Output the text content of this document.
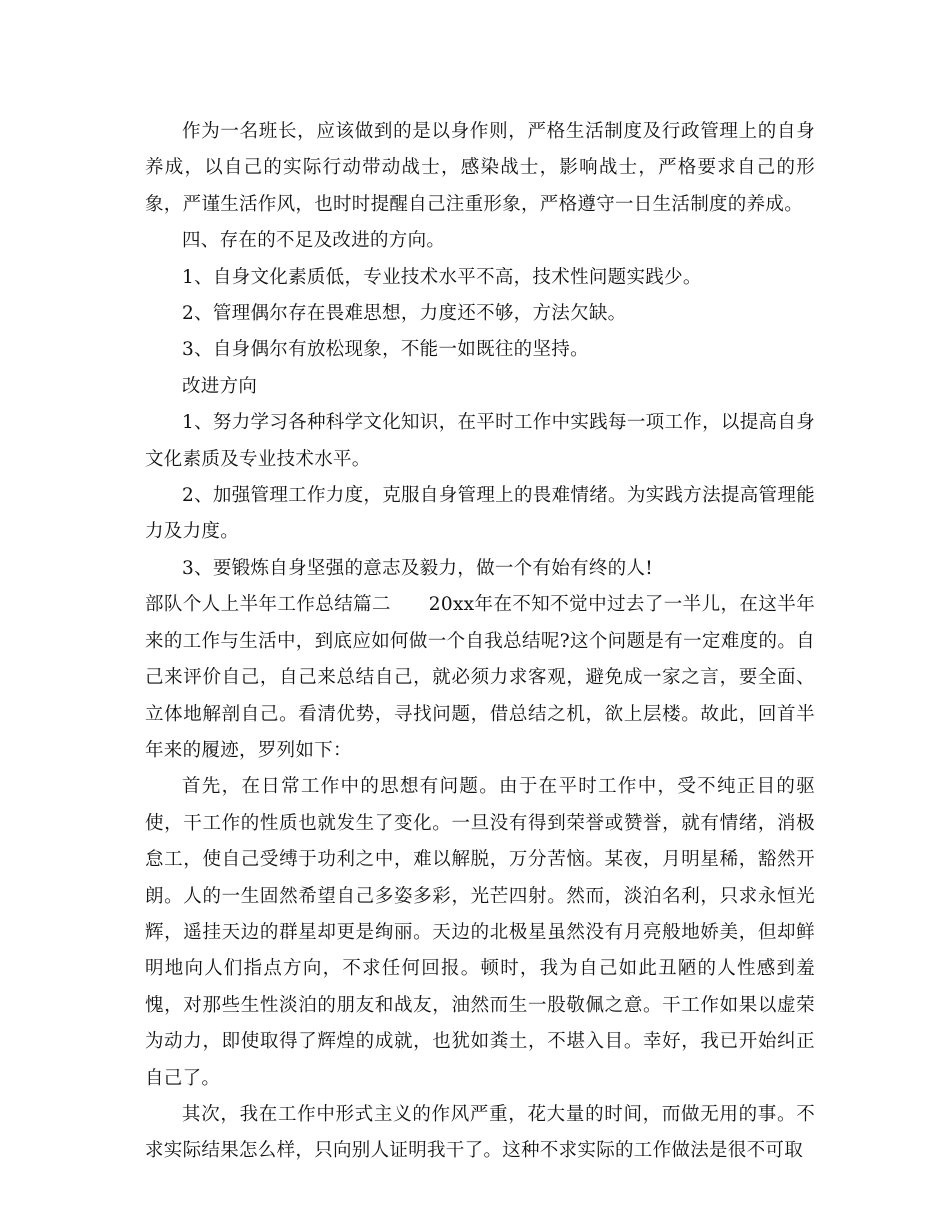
作为一名班长，应该做到的是以身作则，严格生活制度及行政管理上的自身养成，以自己的实际行动带动战士，感染战士，影响战士，严格要求自己的形象，严谨生活作风，也时时提醒自己注重形象，严格遵守一日生活制度的养成。

四、存在的不足及改进的方向。

1、自身文化素质低，专业技术水平不高，技术性问题实践少。

2、管理偶尔存在畏难思想，力度还不够，方法欠缺。

3、自身偶尔有放松现象，不能一如既往的坚持。

改进方向

1、努力学习各种科学文化知识，在平时工作中实践每一项工作，以提高自身文化素质及专业技术水平。

2、加强管理工作力度，克服自身管理上的畏难情绪。为实践方法提高管理能力及力度。

3、要锻炼自身坚强的意志及毅力，做一个有始有终的人!

部队个人上半年工作总结篇二　　20xx年在不知不觉中过去了一半儿，在这半年来的工作与生活中，到底应如何做一个自我总结呢?这个问题是有一定难度的。自己来评价自己，自己来总结自己，就必须力求客观，避免成一家之言，要全面、立体地解剖自己。看清优势，寻找问题，借总结之机，欲上层楼。故此，回首半年来的履迹，罗列如下：

首先，在日常工作中的思想有问题。由于在平时工作中，受不纯正目的驱使，干工作的性质也就发生了变化。一旦没有得到荣誉或赞誉，就有情绪，消极怠工，使自己受缚于功利之中，难以解脱，万分苦恼。某夜，月明星稀，豁然开朗。人的一生固然希望自己多姿多彩，光芒四射。然而，淡泊名利，只求永恒光辉，遥挂天边的群星却更是绚丽。天边的北极星虽然没有月亮般地娇美，但却鲜明地向人们指点方向，不求任何回报。顿时，我为自己如此丑陋的人性感到羞愧，对那些生性淡泊的朋友和战友，油然而生一股敬佩之意。干工作如果以虚荣为动力，即使取得了辉煌的成就，也犹如粪土，不堪入目。幸好，我已开始纠正自己了。

其次，我在工作中形式主义的作风严重，花大量的时间，而做无用的事。不求实际结果怎么样，只向别人证明我干了。这种不求实际的工作做法是很不可取
